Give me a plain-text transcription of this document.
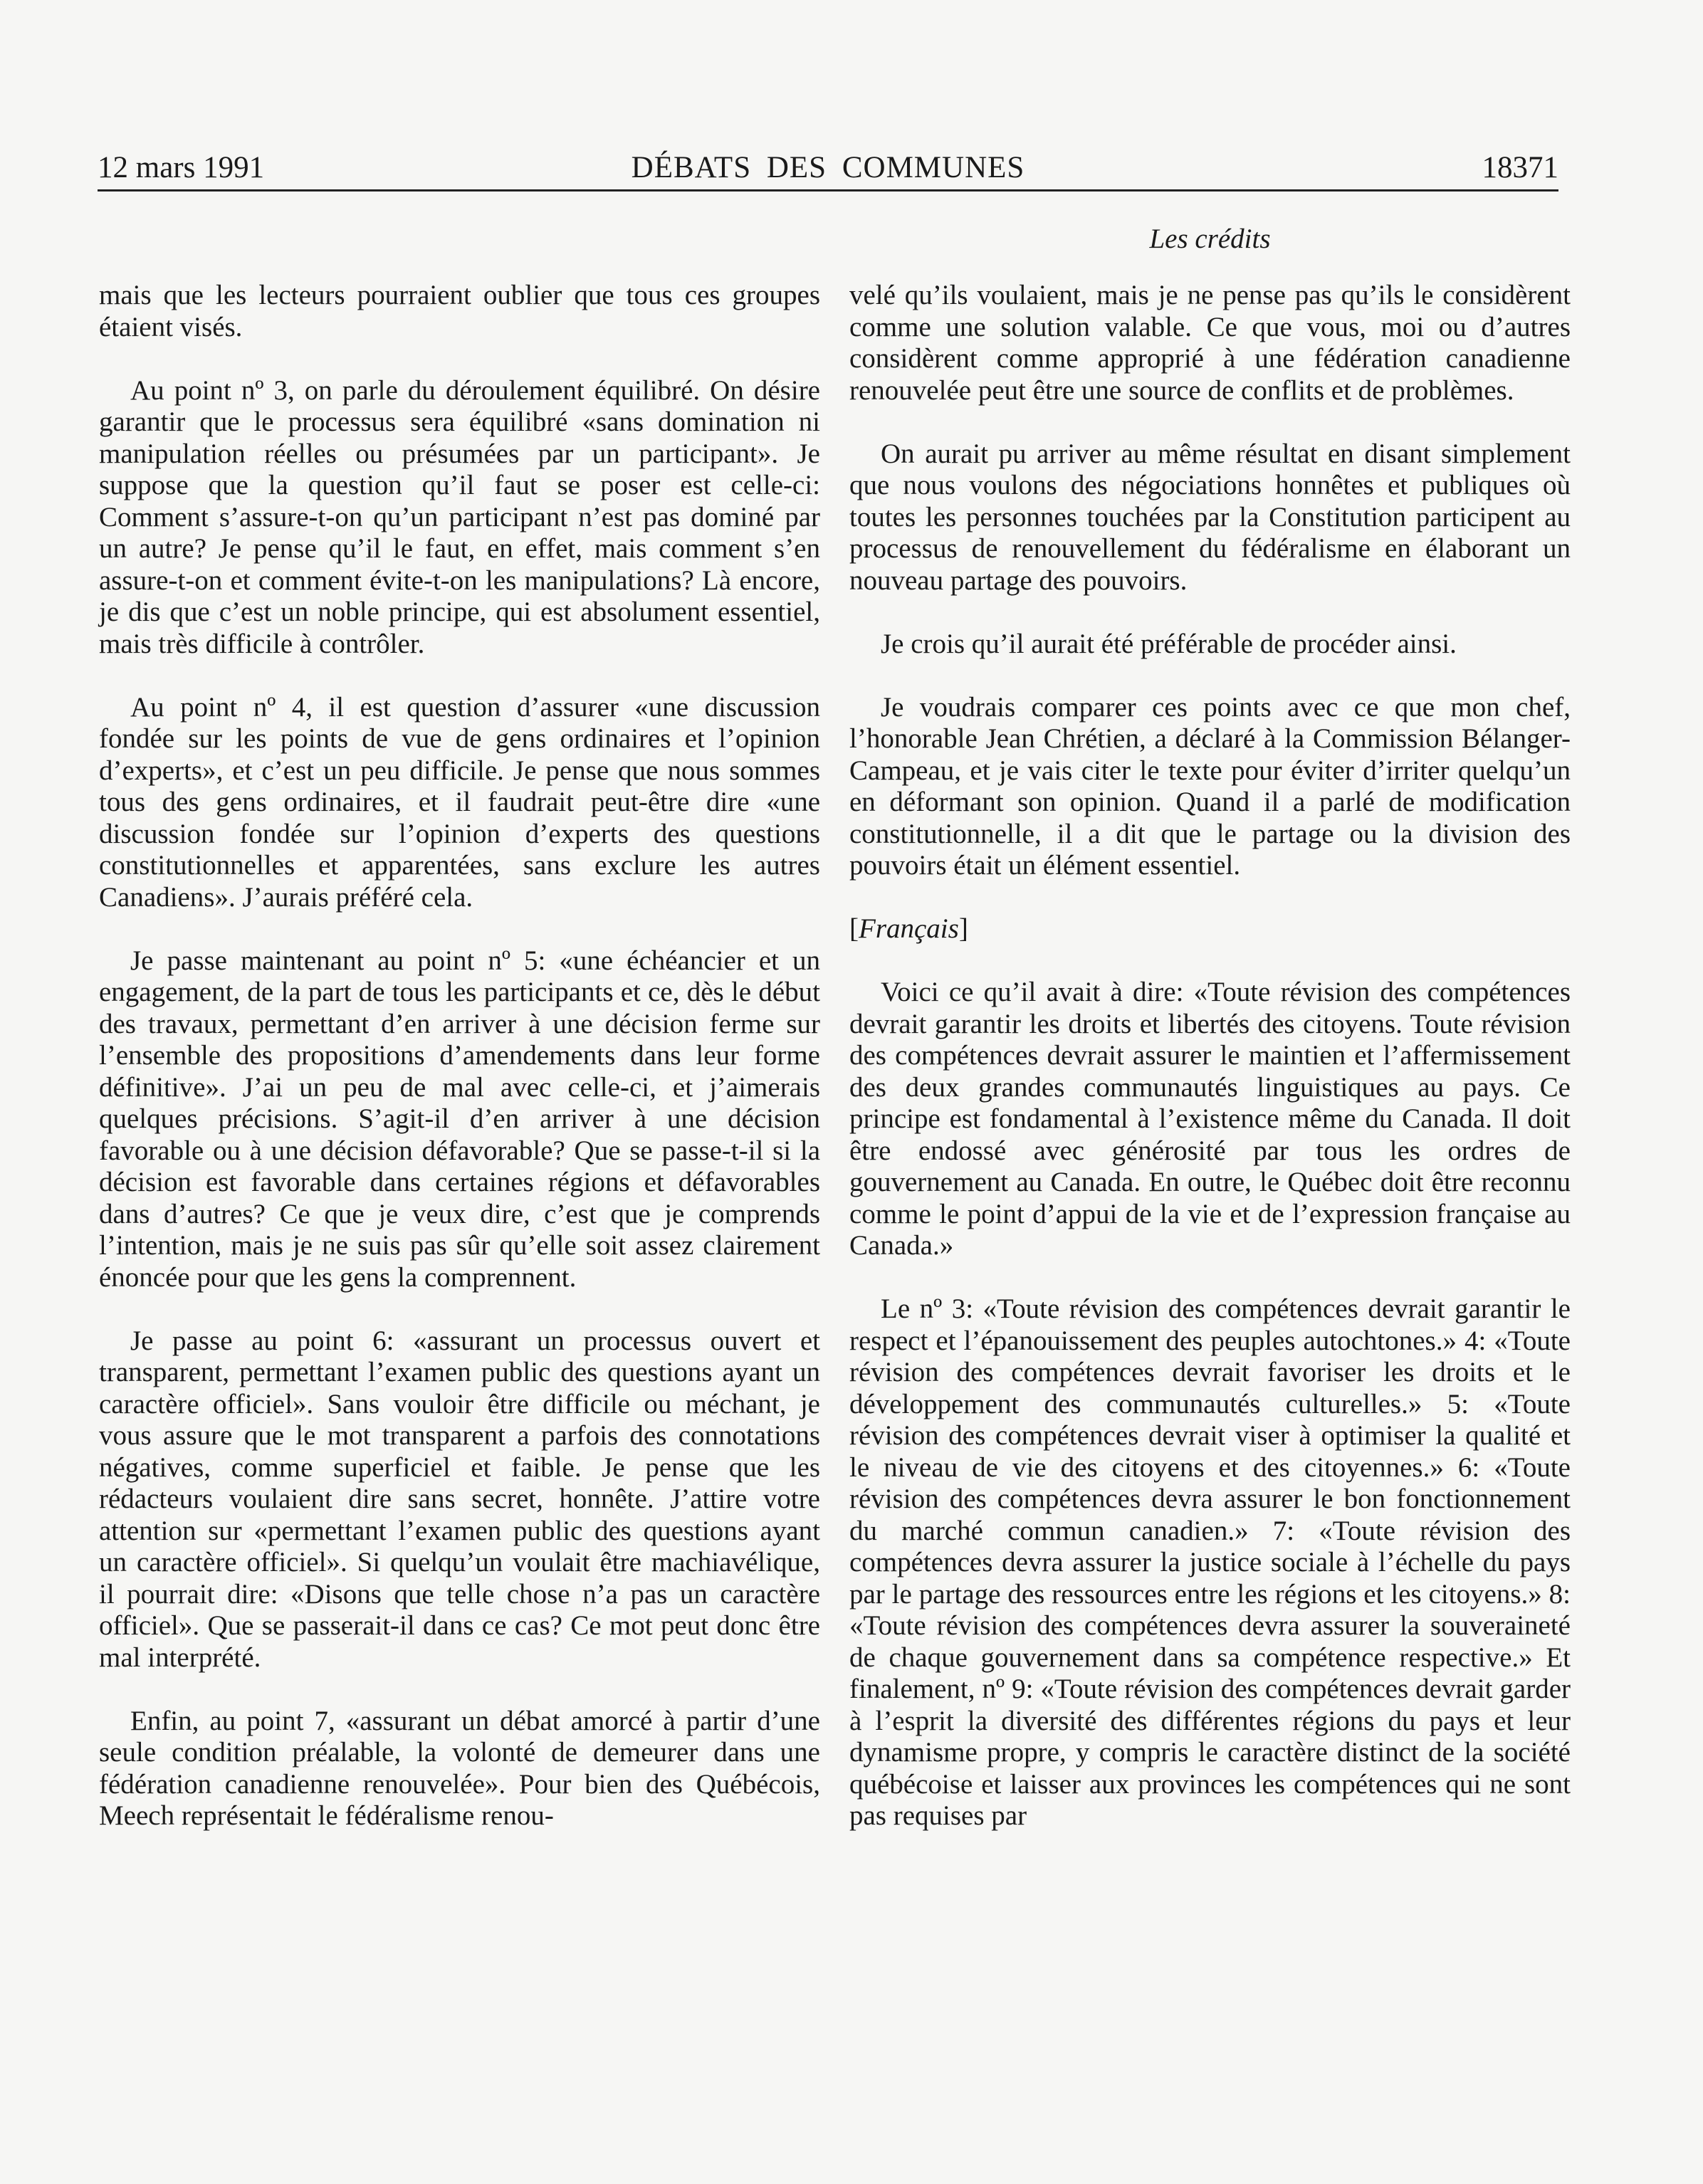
12 mars 1991	DÉBATS DES COMMUNES	18371
Les crédits

mais que les lecteurs pourraient oublier que tous ces groupes étaient visés.

Au point nº 3, on parle du déroulement équilibré. On désire garantir que le processus sera équilibré «sans domination ni manipulation réelles ou présumées par un participant». Je suppose que la question qu’il faut se poser est celle-ci: Comment s’assure-t-on qu’un participant n’est pas dominé par un autre? Je pense qu’il le faut, en effet, mais comment s’en assure-t-on et comment évite-t-on les manipulations? Là encore, je dis que c’est un noble principe, qui est absolument essentiel, mais très difficile à contrôler.

Au point nº 4, il est question d’assurer «une discussion fondée sur les points de vue de gens ordinaires et l’opinion d’experts», et c’est un peu difficile. Je pense que nous sommes tous des gens ordinaires, et il faudrait peut-être dire «une discussion fondée sur l’opinion d’experts des questions constitutionnelles et apparentées, sans exclure les autres Canadiens». J’aurais préféré cela.

Je passe maintenant au point nº 5: «une échéancier et un engagement, de la part de tous les participants et ce, dès le début des travaux, permettant d’en arriver à une décision ferme sur l’ensemble des propositions d’amendements dans leur forme définitive». J’ai un peu de mal avec celle-ci, et j’aimerais quelques précisions. S’agit-il d’en arriver à une décision favorable ou à une décision défavorable? Que se passe-t-il si la décision est favorable dans certaines régions et défavorables dans d’autres? Ce que je veux dire, c’est que je comprends l’intention, mais je ne suis pas sûr qu’elle soit assez clairement énoncée pour que les gens la comprennent.

Je passe au point 6: «assurant un processus ouvert et transparent, permettant l’examen public des questions ayant un caractère officiel». Sans vouloir être difficile ou méchant, je vous assure que le mot transparent a parfois des connotations négatives, comme superficiel et faible. Je pense que les rédacteurs voulaient dire sans secret, honnête. J’attire votre attention sur «permettant l’examen public des questions ayant un caractère officiel». Si quelqu’un voulait être machiavélique, il pourrait dire: «Disons que telle chose n’a pas un caractère officiel». Que se passerait-il dans ce cas? Ce mot peut donc être mal interprété.

Enfin, au point 7, «assurant un débat amorcé à partir d’une seule condition préalable, la volonté de demeurer dans une fédération canadienne renouvelée». Pour bien des Québécois, Meech représentait le fédéralisme renou-

velé qu’ils voulaient, mais je ne pense pas qu’ils le considèrent comme une solution valable. Ce que vous, moi ou d’autres considèrent comme approprié à une fédération canadienne renouvelée peut être une source de conflits et de problèmes.

On aurait pu arriver au même résultat en disant simplement que nous voulons des négociations honnêtes et publiques où toutes les personnes touchées par la Constitution participent au processus de renouvellement du fédéralisme en élaborant un nouveau partage des pouvoirs.

Je crois qu’il aurait été préférable de procéder ainsi.

Je voudrais comparer ces points avec ce que mon chef, l’honorable Jean Chrétien, a déclaré à la Commission Bélanger-Campeau, et je vais citer le texte pour éviter d’irriter quelqu’un en déformant son opinion. Quand il a parlé de modification constitutionnelle, il a dit que le partage ou la division des pouvoirs était un élément essentiel.

[Français]

Voici ce qu’il avait à dire: «Toute révision des compétences devrait garantir les droits et libertés des citoyens. Toute révision des compétences devrait assurer le maintien et l’affermissement des deux grandes communautés linguistiques au pays. Ce principe est fondamental à l’existence même du Canada. Il doit être endossé avec générosité par tous les ordres de gouvernement au Canada. En outre, le Québec doit être reconnu comme le point d’appui de la vie et de l’expression française au Canada.»

Le nº 3: «Toute révision des compétences devrait garantir le respect et l’épanouissement des peuples autochtones.» 4: «Toute révision des compétences devrait favoriser les droits et le développement des communautés culturelles.» 5: «Toute révision des compétences devrait viser à optimiser la qualité et le niveau de vie des citoyens et des citoyennes.» 6: «Toute révision des compétences devra assurer le bon fonctionnement du marché commun canadien.» 7: «Toute révision des compétences devra assurer la justice sociale à l’échelle du pays par le partage des ressources entre les régions et les citoyens.» 8: «Toute révision des compétences devra assurer la souveraineté de chaque gouvernement dans sa compétence respective.» Et finalement, nº 9: «Toute révision des compétences devrait garder à l’esprit la diversité des différentes régions du pays et leur dynamisme propre, y compris le caractère distinct de la société québécoise et laisser aux provinces les compétences qui ne sont pas requises par
